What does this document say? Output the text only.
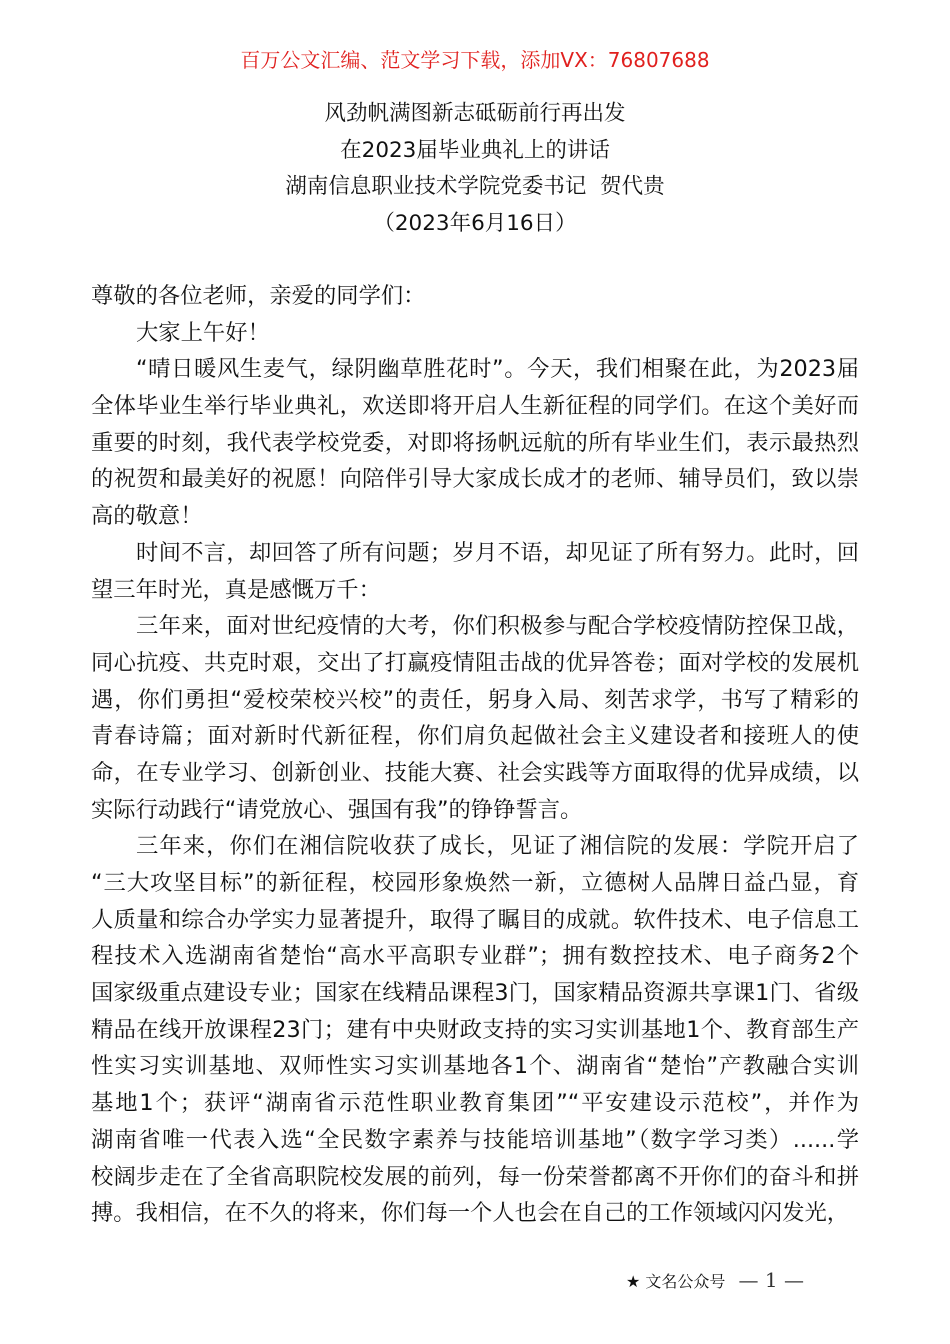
百万公文汇编、范文学习下载，添加VX：76807688
风劲帆满图新志砥砺前行再出发
在2023届毕业典礼上的讲话
湖南信息职业技术学院党委书记  贺代贵
（2023年6月16日）
尊敬的各位老师，亲爱的同学们：
大家上午好！
“晴日暖风生麦气，绿阴幽草胜花时”。今天，我们相聚在此，为2023届
全体毕业生举行毕业典礼，欢送即将开启人生新征程的同学们。在这个美好而
重要的时刻，我代表学校党委，对即将扬帆远航的所有毕业生们，表示最热烈
的祝贺和最美好的祝愿！向陪伴引导大家成长成才的老师、辅导员们，致以崇
高的敬意！
时间不言，却回答了所有问题；岁月不语，却见证了所有努力。此时，回
望三年时光，真是感慨万千：
三年来，面对世纪疫情的大考，你们积极参与配合学校疫情防控保卫战，
同心抗疫、共克时艰，交出了打赢疫情阻击战的优异答卷；面对学校的发展机
遇，你们勇担“爱校荣校兴校”的责任，躬身入局、刻苦求学，书写了精彩的
青春诗篇；面对新时代新征程，你们肩负起做社会主义建设者和接班人的使
命，在专业学习、创新创业、技能大赛、社会实践等方面取得的优异成绩，以
实际行动践行“请党放心、强国有我”的铮铮誓言。
三年来，你们在湘信院收获了成长，见证了湘信院的发展：学院开启了
“三大攻坚目标”的新征程，校园形象焕然一新，立德树人品牌日益凸显，育
人质量和综合办学实力显著提升，取得了瞩目的成就。软件技术、电子信息工
程技术入选湖南省楚怡“高水平高职专业群”；拥有数控技术、电子商务2个
国家级重点建设专业；国家在线精品课程3门，国家精品资源共享课1门、省级
精品在线开放课程23门；建有中央财政支持的实习实训基地1个、教育部生产
性实习实训基地、双师性实习实训基地各1个、湖南省“楚怡”产教融合实训
基地1个；获评“湖南省示范性职业教育集团”“平安建设示范校”，并作为
湖南省唯一代表入选“全民数字素养与技能培训基地”（数字学习类）......学
校阔步走在了全省高职院校发展的前列，每一份荣誉都离不开你们的奋斗和拼
搏。我相信，在不久的将来，你们每一个人也会在自己的工作领域闪闪发光，
★ 文名公众号 — 1 —
